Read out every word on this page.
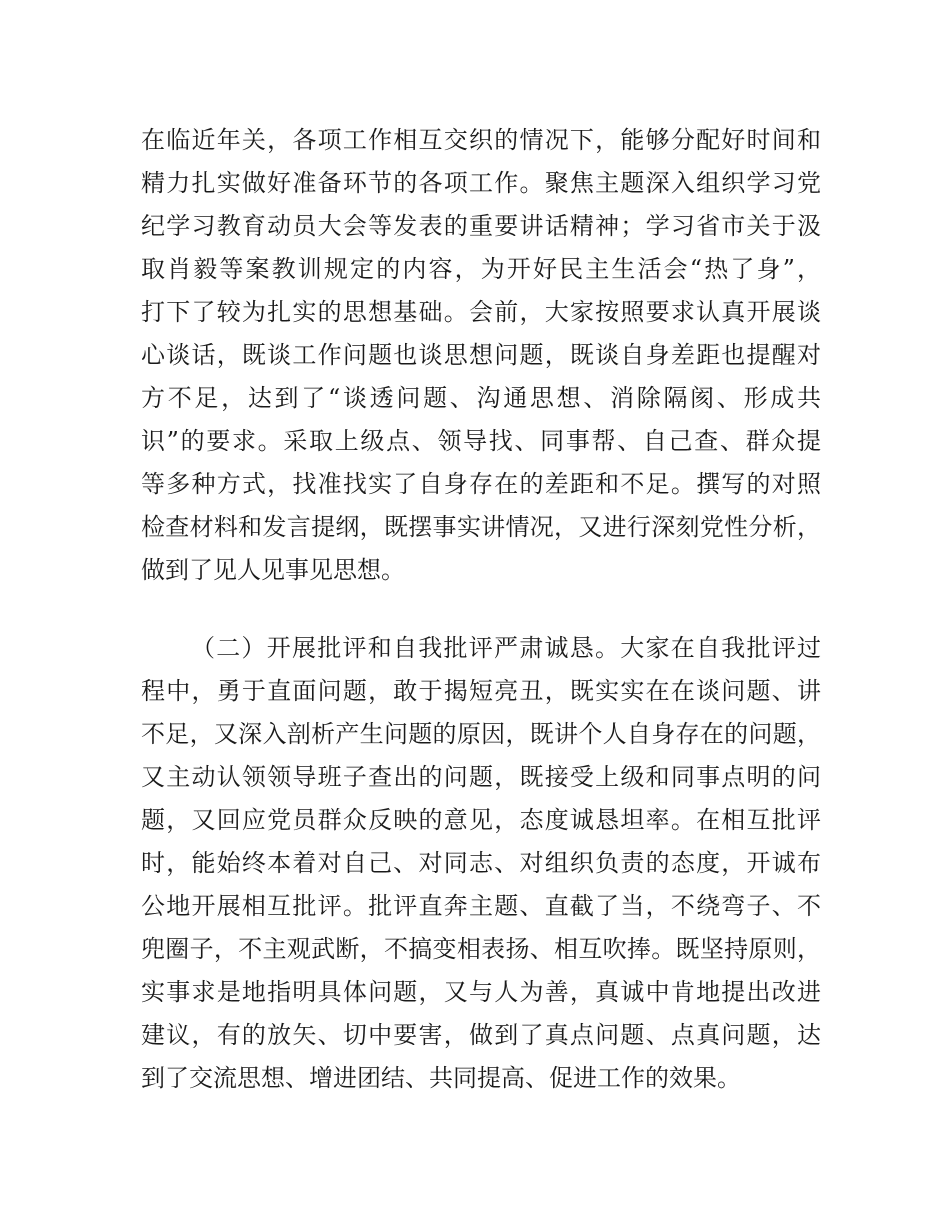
在临近年关，各项工作相互交织的情况下，能够分配好时间和
精力扎实做好准备环节的各项工作。聚焦主题深入组织学习党
纪学习教育动员大会等发表的重要讲话精神；学习省市关于汲
取肖毅等案教训规定的内容，为开好民主生活会“热了身”，
打下了较为扎实的思想基础。会前，大家按照要求认真开展谈
心谈话，既谈工作问题也谈思想问题，既谈自身差距也提醒对
方不足，达到了“谈透问题、沟通思想、消除隔阂、形成共
识”的要求。采取上级点、领导找、同事帮、自己查、群众提
等多种方式，找准找实了自身存在的差距和不足。撰写的对照
检查材料和发言提纲，既摆事实讲情况，又进行深刻党性分析，
做到了见人见事见思想。
（二）开展批评和自我批评严肃诚恳。大家在自我批评过
程中，勇于直面问题，敢于揭短亮丑，既实实在在谈问题、讲
不足，又深入剖析产生问题的原因，既讲个人自身存在的问题，
又主动认领领导班子查出的问题，既接受上级和同事点明的问
题，又回应党员群众反映的意见，态度诚恳坦率。在相互批评
时，能始终本着对自己、对同志、对组织负责的态度，开诚布
公地开展相互批评。批评直奔主题、直截了当，不绕弯子、不
兜圈子，不主观武断，不搞变相表扬、相互吹捧。既坚持原则，
实事求是地指明具体问题，又与人为善，真诚中肯地提出改进
建议，有的放矢、切中要害，做到了真点问题、点真问题，达
到了交流思想、增进团结、共同提高、促进工作的效果。
